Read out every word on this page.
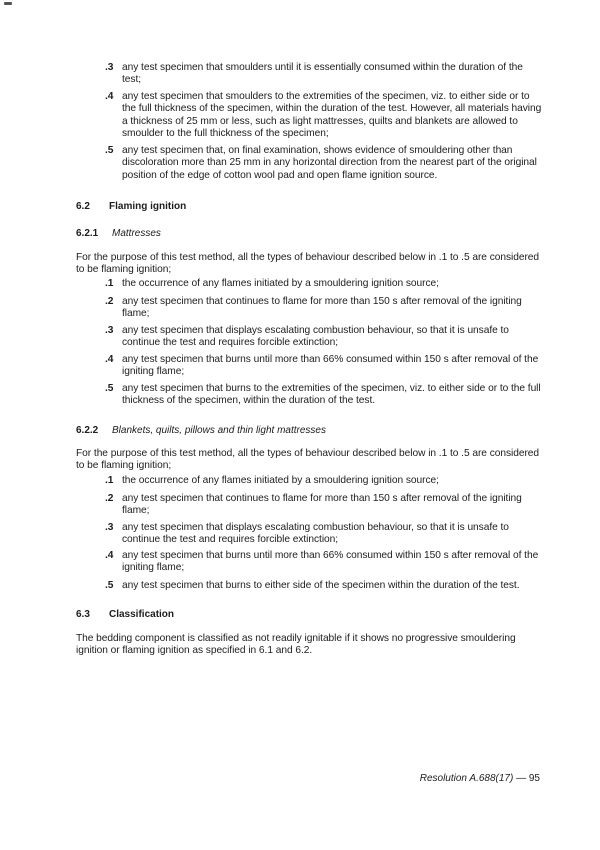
.3 any test specimen that smoulders until it is essentially consumed within the duration of the test;
.4 any test specimen that smoulders to the extremities of the specimen, viz. to either side or to the full thickness of the specimen, within the duration of the test. However, all materials having a thickness of 25 mm or less, such as light mattresses, quilts and blankets are allowed to smoulder to the full thickness of the specimen;
.5 any test specimen that, on final examination, shows evidence of smouldering other than discoloration more than 25 mm in any horizontal direction from the nearest part of the original position of the edge of cotton wool pad and open flame ignition source.
6.2	Flaming ignition
6.2.1	Mattresses
For the purpose of this test method, all the types of behaviour described below in .1 to .5 are considered to be flaming ignition;
.1 the occurrence of any flames initiated by a smouldering ignition source;
.2 any test specimen that continues to flame for more than 150 s after removal of the igniting flame;
.3 any test specimen that displays escalating combustion behaviour, so that it is unsafe to continue the test and requires forcible extinction;
.4 any test specimen that burns until more than 66% consumed within 150 s after removal of the igniting flame;
.5 any test specimen that burns to the extremities of the specimen, viz. to either side or to the full thickness of the specimen, within the duration of the test.
6.2.2	Blankets, quilts, pillows and thin light mattresses
For the purpose of this test method, all the types of behaviour described below in .1 to .5 are considered to be flaming ignition;
.1 the occurrence of any flames initiated by a smouldering ignition source;
.2 any test specimen that continues to flame for more than 150 s after removal of the igniting flame;
.3 any test specimen that displays escalating combustion behaviour, so that it is unsafe to continue the test and requires forcible extinction;
.4 any test specimen that burns until more than 66% consumed within 150 s after removal of the igniting flame;
.5 any test specimen that burns to either side of the specimen within the duration of the test.
6.3	Classification
The bedding component is classified as not readily ignitable if it shows no progressive smouldering ignition or flaming ignition as specified in 6.1 and 6.2.
Resolution A.688(17) — 95
